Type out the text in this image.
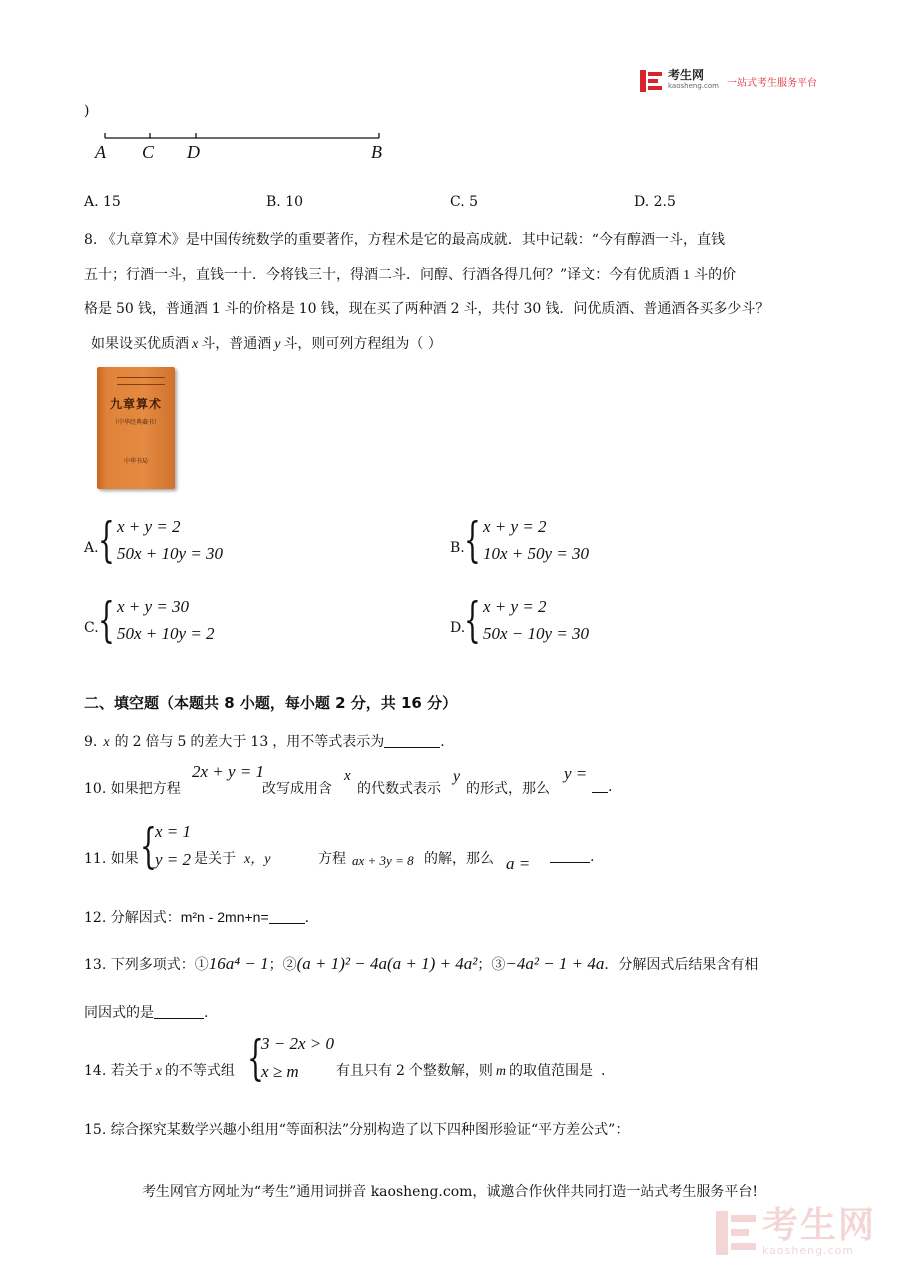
考生网
kaosheng.com 一站式考生服务平台
)
A C D	B
A. 15	B. 10	C. 5	D. 2.5
8. 《九章算术》是中国传统数学的重要著作，方程术是它的最高成就．其中记载：“今有醇酒一斗，直钱
五十；行酒一斗，直钱一十．今将钱三十，得酒二斗．问醇、行酒各得几何？”译文：今有优质酒 1 斗的价
格是 50 钱，普通酒 1 斗的价格是 10 钱，现在买了两种酒 2 斗，共付 30 钱．问优质酒、普通酒各买多少斗？
如果设买优质酒 x 斗，普通酒 y 斗，则可列方程组为（ ）
九章算术
（中华经典藏书）
中华书局
A. { x + y = 2
50x + 10y = 30	B. { x + y = 2
10x + 50y = 30
C. { x + y = 30
50x + 10y = 2	D.
{ x + y = 2
50x − 10y = 30
二、填空题（本题共 8 小题，每小题 2 分，共 16 分）
9. x 的 2 倍与 5 的差大于 13 ，用不等式表示为	.
10. 如果把方程
2x + y = 1
改写成用含
x
的代数式表示
y
的形式，那么
y =
.
11. 如果 {
x = 1
y = 2 是关于 x，y	方程 ax + 3y = 8 的解，那么 a =	.
12. 分解因式：m²n - 2mn+n=	.
13. 下列多项式：①16a⁴ − 1；②(a + 1)² − 4a(a + 1) + 4a²；③−4a² − 1 + 4a．分解因式后结果含有相
同因式的是	.
14. 若关于 x 的不等式组 {
3 − 2x > 0
x ≥ m	有且只有 2 个整数解，则 m 的取值范围是 .
15. 综合探究某数学兴趣小组用“等面积法”分别构造了以下四种图形验证“平方差公式”：
考生网官方网址为“考生”通用词拼音 kaosheng.com，诚邀合作伙伴共同打造一站式考生服务平台!
考生网
kaosheng.com
